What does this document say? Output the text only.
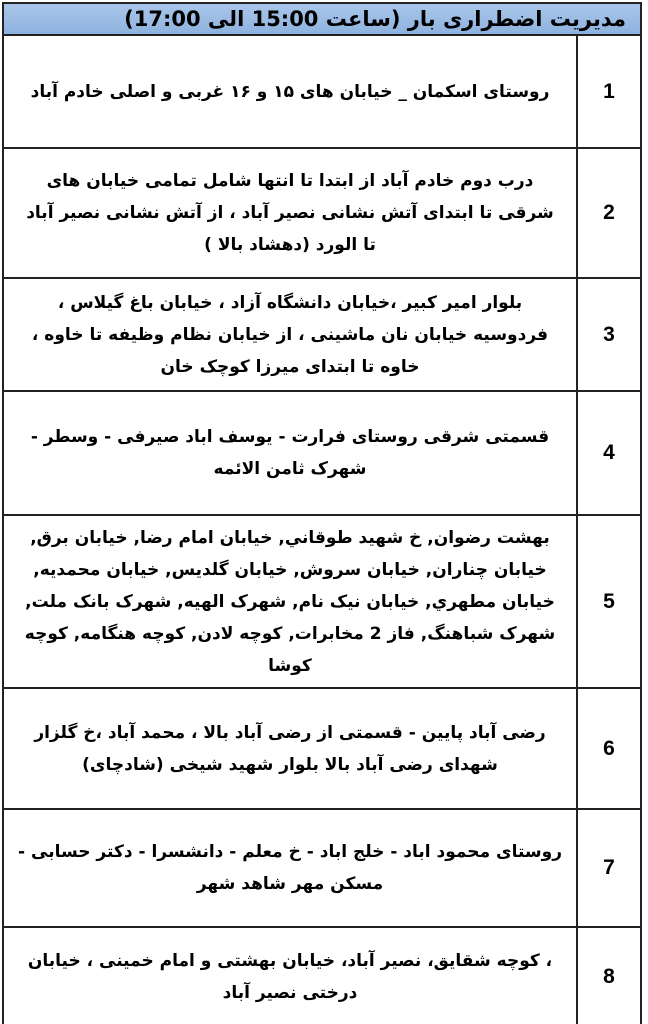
مدیریت اضطراری بار (ساعت 15:00 الی 17:00)
1
روستای اسکمان _ خیابان های ۱۵ و ۱۶ غربی و اصلی خادم آباد
2
درب دوم خادم آباد از ابتدا تا انتها شامل تمامی خیابان های شرقی تا ابتدای آتش نشانی نصیر آباد ، از آتش نشانی نصیر آباد تا الورد (دهشاد بالا )
3
بلوار امیر کبیر ،خیابان دانشگاه آزاد ، خیابان باغ گیلاس ، فردوسیه خیابان نان ماشینی ، از خیابان نظام وظیفه تا خاوه ، خاوه تا ابتدای میرزا کوچک خان
4
قسمتی شرقی روستای فرارت - یوسف اباد صیرفی - وسطر - شهرک ثامن الائمه
5
بهشت رضوان, خ شهيد طوقاني, خيابان امام رضا, خيابان برق, خيابان چناران, خيابان سروش, خيابان گلديس, خيابان محمديه, خيابان مطهري, خيابان نيک نام, شهرک الهيه, شهرک بانک ملت, شهرک شباهنگ, فاز 2 مخابرات, کوچه لادن, کوچه هنگامه, کوچه کوشا
6
رضی آباد پایین - قسمتی از رضی آباد بالا ، محمد آباد ،خ گلزار شهدای رضی آباد بالا بلوار شهید شیخی (شادچای)
7
روستای محمود اباد - خلج اباد - خ معلم - دانشسرا - دکتر حسابی - مسکن مهر شاهد شهر
8
، کوچه شقایق، نصیر آباد، خیابان بهشتی و امام خمینی ، خیابان درختی نصیر آباد
